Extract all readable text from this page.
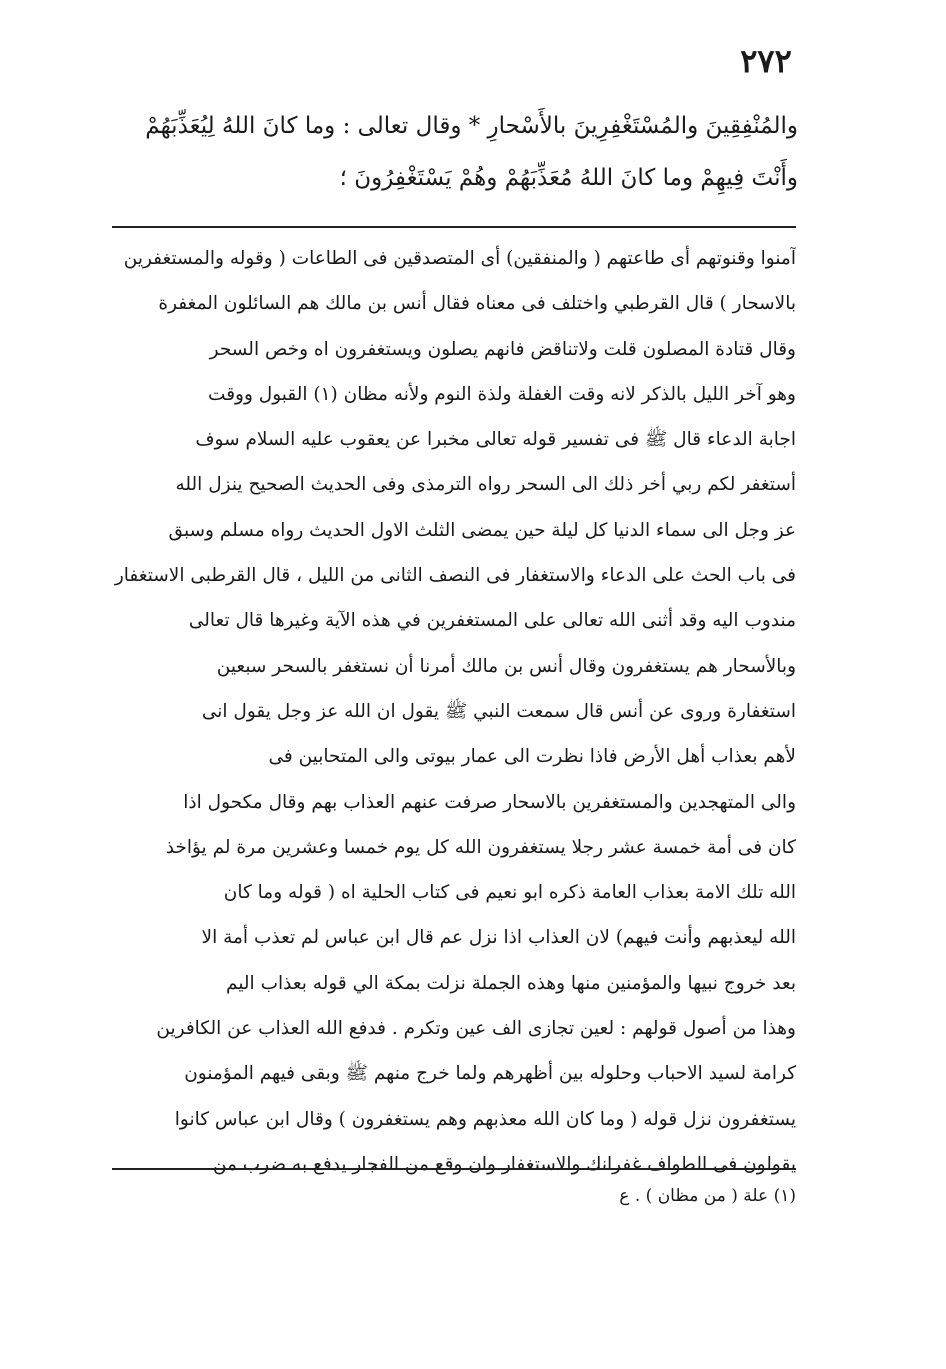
٢٧٢
والمُنْفِقِينَ والمُسْتَغْفِرِينَ بالأَسْحارِ * وقال تعالى : وما كانَ اللهُ لِيُعَذِّبَهُمْ
وأَنْتَ فِيهِمْ وما كانَ اللهُ مُعَذِّبَهُمْ وهُمْ يَسْتَغْفِرُونَ ؛
آمنوا وقنوتهم أى طاعتهم ( والمنفقين) أى المتصدقين فى الطاعات ( وقوله والمستغفرين
بالاسحار ) قال القرطبي واختلف فى معناه فقال أنس بن مالك هم السائلون المغفرة
وقال قتادة المصلون قلت ولاتناقض فانهم يصلون ويستغفرون اه وخص السحر
وهو آخر الليل بالذكر لانه وقت الغفلة ولذة النوم ولأنه مظان (١) القبول ووقت
اجابة الدعاء قال ﷺ فى تفسير قوله تعالى مخبرا عن يعقوب عليه السلام سوف
أستغفر لكم ربي أخر ذلك الى السحر رواه الترمذى وفى الحديث الصحيح ينزل الله
عز وجل الى سماء الدنيا كل ليلة حين يمضى الثلث الاول الحديث رواه مسلم وسبق
فى باب الحث على الدعاء والاستغفار فى النصف الثانى من الليل ، قال القرطبى الاستغفار
مندوب اليه وقد أثنى الله تعالى على المستغفرين في هذه الآية وغيرها قال تعالى
وبالأسحار هم يستغفرون وقال أنس بن مالك أمرنا أن نستغفر بالسحر سبعين
استغفارة وروى عن أنس قال سمعت النبي ﷺ يقول ان الله عز وجل يقول انى
لأهم بعذاب أهل الأرض فاذا نظرت الى عمار بيوتى والى المتحابين فى
والى المتهجدين والمستغفرين بالاسحار صرفت عنهم العذاب بهم وقال مكحول اذا
كان فى أمة خمسة عشر رجلا يستغفرون الله كل يوم خمسا وعشرين مرة لم يؤاخذ
الله تلك الامة بعذاب العامة ذكره ابو نعيم فى كتاب الحلية اه ( قوله وما كان
الله ليعذبهم وأنت فيهم) لان العذاب اذا نزل عم قال ابن عباس لم تعذب أمة الا
بعد خروج نبيها والمؤمنين منها وهذه الجملة نزلت بمكة الي قوله بعذاب اليم
وهذا من أصول قولهم : لعين تجازى الف عين وتكرم . فدفع الله العذاب عن الكافرين
كرامة لسيد الاحباب وحلوله بين أظهرهم ولما خرج منهم ﷺ وبقى فيهم المؤمنون
يستغفرون نزل قوله ( وما كان الله معذبهم وهم يستغفرون ) وقال ابن عباس كانوا
يقولون فى الطواف غفرانك والاستغفار وان وقع من الفجار يدفع به ضرب من
(١) علة ( من مظان ) . ع
